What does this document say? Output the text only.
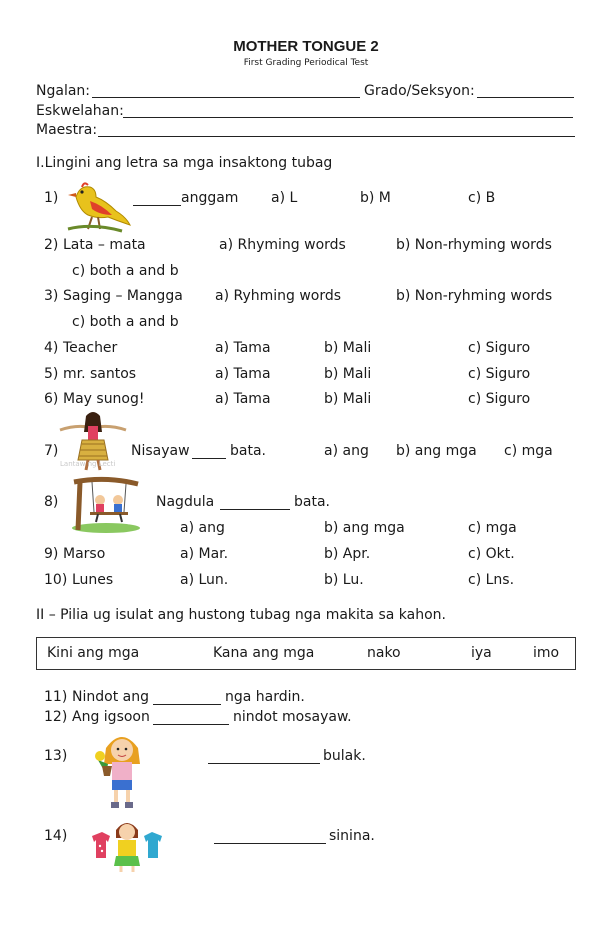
MOTHER TONGUE 2
First Grading Periodical Test
Ngalan:	Grado/Seksyon:
Eskwelahan:
Maestra:
I.Lingini ang letra sa mga insaktong tubag
1)	anggam a) L	b) M	c) B
2) Lata – mata	a) Rhyming words	b) Non-rhyming words
c) both a and b
3) Saging – Mangga a) Ryhming words	b) Non-ryhming words
c) both a and b
4) Teacher	a) Tama	b) Mali	c) Siguro
5) mr. santos	a) Tama	b) Mali	c) Siguro
6) May sunog!	a) Tama	b) Mali	c) Siguro
7)
Lantaw ng Lecti
Nisayaw	bata.	a) ang b) ang mga c) mga
8)	Nagdula	bata.
a) ang	b) ang mga	c) mga
9) Marso	a) Mar.	b) Apr.	c) Okt.
10) Lunes	a) Lun.	b) Lu.	c) Lns.
II – Pilia ug isulat ang hustong tubag nga makita sa kahon.
Kini ang mga	Kana ang mga	nako	iya	imo
11) Nindot ang	nga hardin.
12) Ang igsoon	nindot mosayaw.
13)	bulak.
14)	sinina.
